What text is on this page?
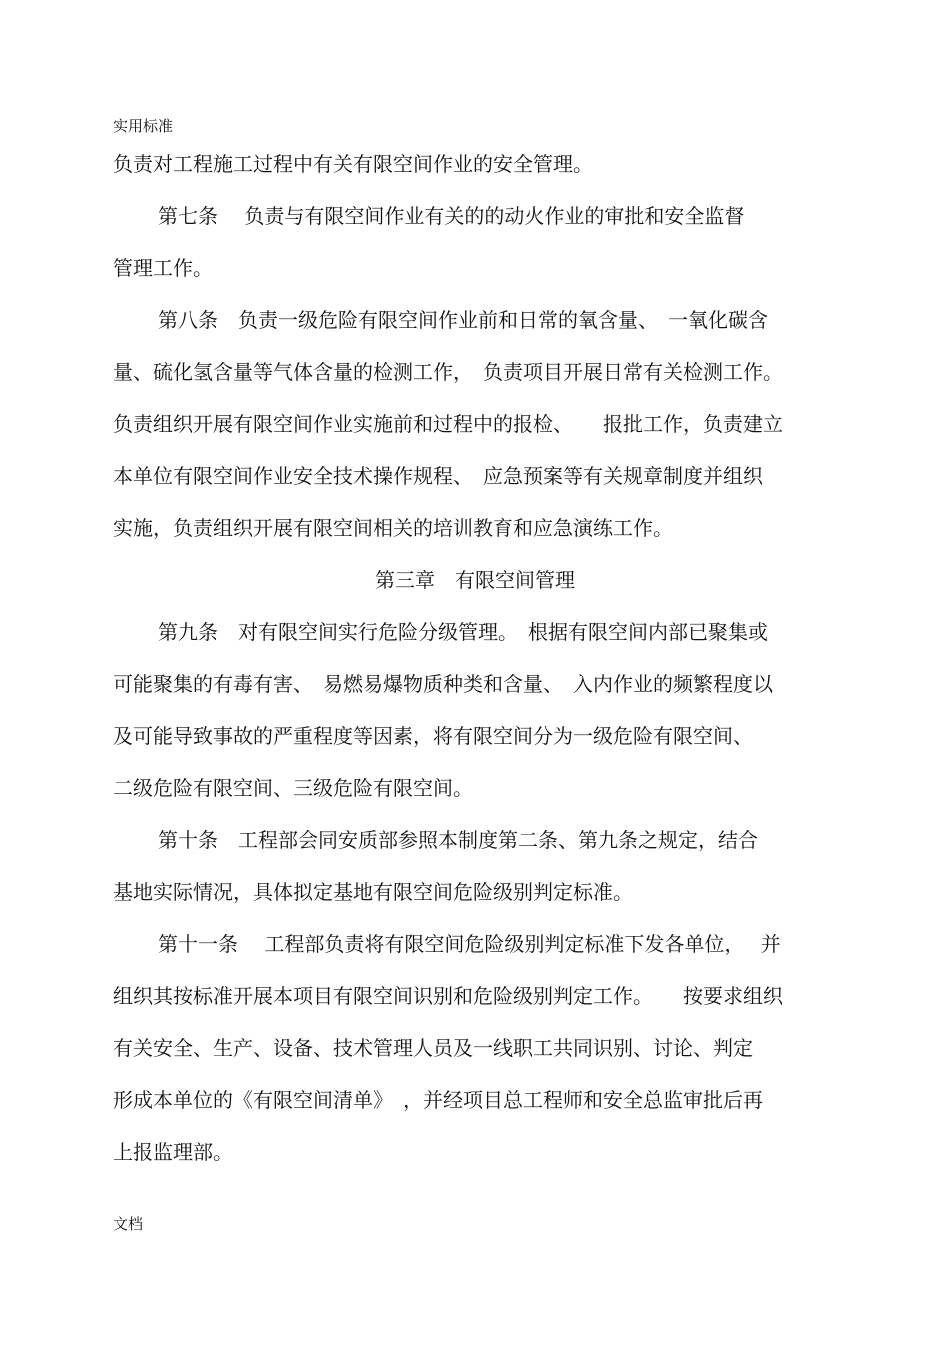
实用标准
负责对工程施工过程中有关有限空间作业的安全管理。
第七条　 负责与有限空间作业有关的的动火作业的审批和安全监督
管理工作。
第八条　负责一级危险有限空间作业前和日常的氧含量、　一氧化碳含
量、硫化氢含量等气体含量的检测工作，　负责项目开展日常有关检测工作。
负责组织开展有限空间作业实施前和过程中的报检、　　报批工作，负责建立
本单位有限空间作业安全技术操作规程、　应急预案等有关规章制度并组织
实施，负责组织开展有限空间相关的培训教育和应急演练工作。
第三章　有限空间管理
第九条　对有限空间实行危险分级管理。　根据有限空间内部已聚集或
可能聚集的有毒有害、　易燃易爆物质种类和含量、　入内作业的频繁程度以
及可能导致事故的严重程度等因素，将有限空间分为一级危险有限空间、
二级危险有限空间、三级危险有限空间。
第十条　工程部会同安质部参照本制度第二条、第九条之规定，结合
基地实际情况，具体拟定基地有限空间危险级别判定标准。
第十一条　 工程部负责将有限空间危险级别判定标准下发各单位，　 并
组织其按标准开展本项目有限空间识别和危险级别判定工作。　　按要求组织
有关安全、生产、设备、技术管理人员及一线职工共同识别、讨论、判定
形成本单位的《有限空间清单》　，并经项目总工程师和安全总监审批后再
上报监理部。
文档
